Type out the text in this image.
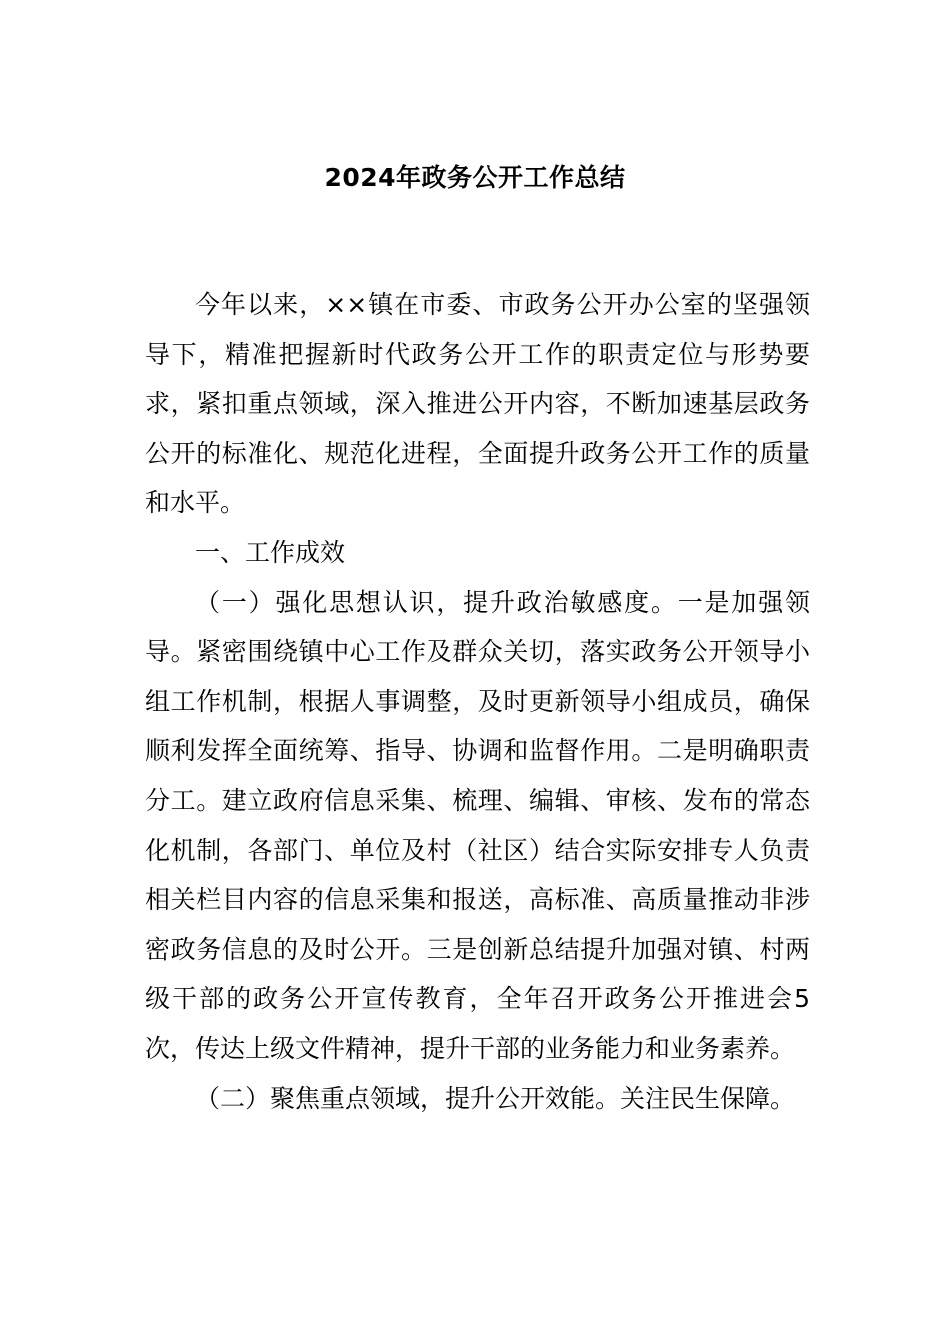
2024年政务公开工作总结

今年以来，××镇在市委、市政务公开办公室的坚强领导下，精准把握新时代政务公开工作的职责定位与形势要求，紧扣重点领域，深入推进公开内容，不断加速基层政务公开的标准化、规范化进程，全面提升政务公开工作的质量和水平。

一、工作成效

（一）强化思想认识，提升政治敏感度。一是加强领导。紧密围绕镇中心工作及群众关切，落实政务公开领导小组工作机制，根据人事调整，及时更新领导小组成员，确保顺利发挥全面统筹、指导、协调和监督作用。二是明确职责分工。建立政府信息采集、梳理、编辑、审核、发布的常态化机制，各部门、单位及村（社区）结合实际安排专人负责相关栏目内容的信息采集和报送，高标准、高质量推动非涉密政务信息的及时公开。三是创新总结提升加强对镇、村两级干部的政务公开宣传教育，全年召开政务公开推进会5次，传达上级文件精神，提升干部的业务能力和业务素养。

（二）聚焦重点领域，提升公开效能。关注民生保障。
